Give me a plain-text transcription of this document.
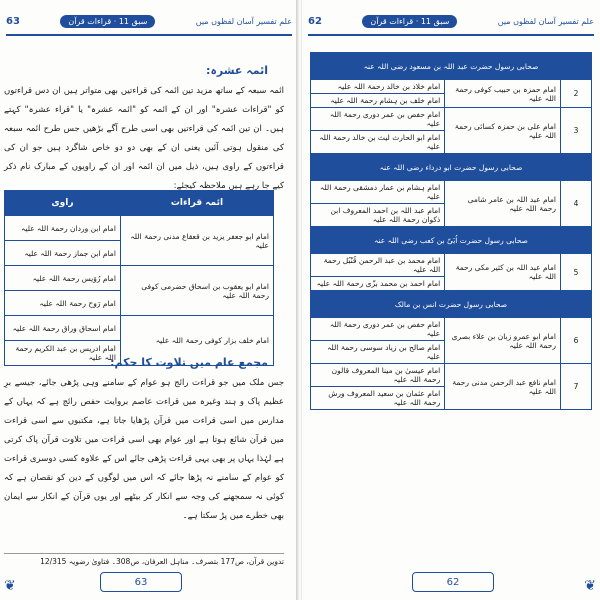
63	سبق 11 · قراءات قرآن	علم تفسیر آسان لفظوں میں
ائمہ عشرہ:
ائمہ سبعہ کے ساتھ مزید تین ائمہ کی قراءتیں بھی متواتر ہیں ان دس قراءتوں کو "قراءات عشرہ" اور ان کے ائمہ کو "ائمہ عشرہ" یا "قراء عشرہ" کہتے ہیں۔ ان تین ائمہ کی قراءتیں بھی اسی طرح آگے بڑھیں جس طرح ائمہ سبعہ کی منقول ہوتی آئیں یعنی ان کے بھی دو دو خاص شاگرد ہیں جو ان کی قراءتوں کے راوی ہیں، ذیل میں ان ائمہ اور ان کے راویوں کے مبارک نام ذکر کیے جا رہے ہیں ملاحظہ کیجئے:
ائمہ قراءات	راوی
امام ابو جعفر یزید بن قعقاع مدنی رحمۃ اللہ علیہ	امام ابن وردان رحمۃ اللہ علیہ
	امام ابن جماز رحمۃ اللہ علیہ
امام ابو یعقوب بن اسحاق حضرمی کوفی رحمۃ اللہ علیہ	امام رُوَیس رحمۃ اللہ علیہ
	امام رَوح رحمۃ اللہ علیہ
امام خلف بزار کوفی رحمۃ اللہ علیہ	امام اسحاق وراق رحمۃ اللہ علیہ
	امام ادریس بن عبد الکریم رحمۃ اللہ علیہ
مجمع عام میں تلاوت کا حکم:
جس ملک میں جو قراءت رائج ہو عوام کے سامنے وہی پڑھی جائے، جیسے برِ عظیم پاک و ہند وغیرہ میں قراءت عاصم بروایت حفص رائج ہے کہ یہاں کے مدارس میں اسی قراءت میں قرآن پڑھایا جاتا ہے، مکتبوں سے اسی قراءت میں قرآن شائع ہوتا ہے اور عوام بھی اسی قراءت میں تلاوت قرآن پاک کرتی ہے لہٰذا یہاں پر بھی یہی قراءت پڑھی جائے اس کے علاوہ کسی دوسری قراءت کو عوام کے سامنے نہ پڑھا جائے کہ اس میں لوگوں کے دین کو نقصان ہے کہ کوئی نہ سمجھنے کی وجہ سے انکار کر بیٹھے اور یوں قرآن کے انکار سے ایمان بھی خطرے میں پڑ سکتا ہے۔
تدوین قرآن، ص177 بتصرف۔ مناہل العرفان، ص308۔ فتاویٰ رضویہ 12/315
63
❦
62	سبق 11 · قراءات قرآن	علم تفسیر آسان لفظوں میں
صحابی رسول حضرت عبد اللہ بن مسعود رضی اللہ عنہ		
2	امام حمزہ بن حبیب کوفی رحمۃ اللہ علیہ	امام خلاد بن خالد رحمۃ اللہ علیہ
		امام خلف بن ہشام رحمۃ اللہ علیہ
3	امام علی بن حمزہ کسائی رحمۃ اللہ علیہ	امام حفص بن عمر دوری رحمۃ اللہ علیہ
		امام ابو الحارث لیث بن خالد رحمۃ اللہ علیہ
صحابی رسول حضرت ابو درداء رضی اللہ عنہ		
4	امام عبد اللہ بن عامر شامی رحمۃ اللہ علیہ	امام ہشام بن عمار دمشقی رحمۃ اللہ علیہ
		امام عبد اللہ بن احمد المعروف ابن ذکوان رحمۃ اللہ علیہ
صحابی رسول حضرت اُبَیّ بن کعب رضی اللہ عنہ		
5	امام عبد اللہ بن کثیر مکی رحمۃ اللہ علیہ	امام محمد بن عبد الرحمن قُنْبُل رحمۃ اللہ علیہ
		امام احمد بن محمد بزّی رحمۃ اللہ علیہ
صحابی رسول حضرت انس بن مالک		
6	امام ابو عمرو زبان بن علاء بصری رحمۃ اللہ علیہ	امام حفص بن عمر دوری رحمۃ اللہ علیہ
		امام صالح بن زیاد سوسی رحمۃ اللہ علیہ
7	امام نافع عبد الرحمن مدنی رحمۃ اللہ علیہ	امام عیسیٰ بن مینا المعروف قالون رحمۃ اللہ علیہ
		امام عثمان بن سعید المعروف ورش رحمۃ اللہ علیہ
62	❦
